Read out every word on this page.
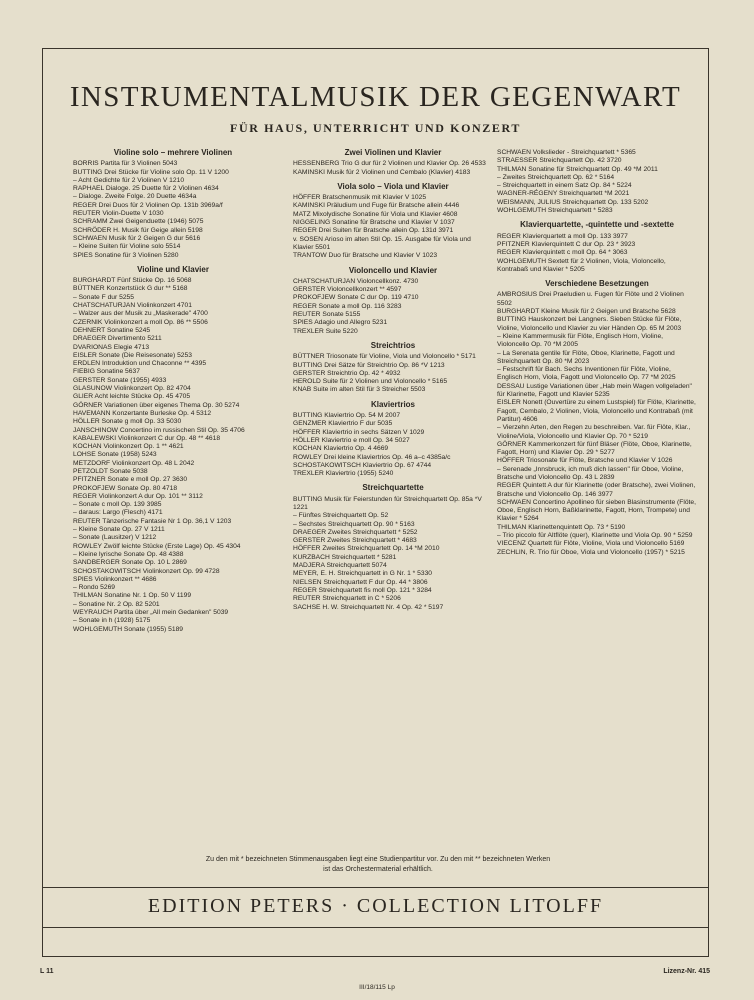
INSTRUMENTALMUSIK DER GEGENWART
FÜR HAUS, UNTERRICHT UND KONZERT
Violine solo – mehrere Violinen
BORRIS Partita für 3 Violinen 5043
BUTTING Drei Stücke für Violine solo Op. 11 V 1200
– Acht Gedichte für 2 Violinen V 1210
RAPHAEL Dialoge. 25 Duette für 2 Violinen 4634
– Dialoge. Zweite Folge. 20 Duette 4634a
REGER Drei Duos für 2 Violinen Op. 131b 3969a/f
REUTER Violin-Duette V 1030
SCHRAMM Zwei Geigenduette (1946) 5075
SCHRÖDER H. Musik für Geige allein 5198
SCHWAEN Musik für 2 Geigen G dur 5616
– Kleine Suiten für Violine solo 5514
SPIES Sonatine für 3 Violinen 5280
Violine und Klavier
BURGHARDT Fünf Stücke Op. 16 5068
BÜTTNER Konzertstück G dur ** 5168
– Sonate F dur 5255
CHATSCHATURJAN Violinkonzert 4701
– Walzer aus der Musik zu „Maskerade" 4700
CZERNIK Violinkonzert a moll Op. 86 ** 5506
DEHNERT Sonatine 5245
DRAEGER Divertimento 5211
DVARIONAS Elegie 4713
EISLER Sonate (Die Reisesonate) 5253
ERDLEN Introduktion und Chaconne ** 4395
FIEBIG Sonatine 5637
GERSTER Sonate (1955) 4933
GLASUNOW Violinkonzert Op. 82 4704
GLIER Acht leichte Stücke Op. 45 4705
GÖRNER Variationen über eigenes Thema Op. 30 5274
HAVEMANN Konzertante Burleske Op. 4 5312
HÖLLER Sonate g moll Op. 33 5030
JANSCHINOW Concertino im russischen Stil Op. 35 4706
KABALEWSKI Violinkonzert C dur Op. 48 ** 4618
KOCHAN Violinkonzert Op. 1 ** 4621
LOHSE Sonate (1958) 5243
METZDORF Violinkonzert Op. 48 L 2042
PETZOLDT Sonate 5038
PFITZNER Sonate e moll Op. 27 3630
PROKOFJEW Sonate Op. 80 4718
REGER Violinkonzert A dur Op. 101 ** 3112
– Sonate c moll Op. 139 3985
– daraus: Largo (Flesch) 4171
REUTER Tänzerische Fantasie Nr 1 Op. 36,1 V 1203
– Kleine Sonate Op. 27 V 1211
– Sonate (Lausitzer) V 1212
ROWLEY Zwölf leichte Stücke (Erste Lage) Op. 45 4304
– Kleine lyrische Sonate Op. 48 4388
SANDBERGER Sonate Op. 10 L 2869
SCHOSTAKOWITSCH Violinkonzert Op. 99 4728
SPIES Violinkonzert ** 4686
– Rondo 5269
THILMAN Sonatine Nr. 1 Op. 50 V 1199
– Sonatine Nr. 2 Op. 82 5201
WEYRAUCH Partita über „All mein Gedanken" 5039
– Sonate in h (1928) 5175
WOHLGEMUTH Sonate (1955) 5189
Zwei Violinen und Klavier
HESSENBERG Trio G dur für 2 Violinen und Klavier Op. 26 4533
KAMINSKI Musik für 2 Violinen und Cembalo (Klavier) 4183
Viola solo – Viola und Klavier
HÖFFER Bratschenmusik mit Klavier V 1025
KAMINSKI Präludium und Fuge für Bratsche allein 4446
MATZ Mixolydische Sonatine für Viola und Klavier 4608
NIGGELING Sonatine für Bratsche und Klavier V 1037
REGER Drei Suiten für Bratsche allein Op. 131d 3971
v. SOSEN Arioso im alten Stil Op. 15. Ausgabe für Viola und Klavier 5501
TRANTOW Duo für Bratsche und Klavier V 1023
Violoncello und Klavier
CHATSCHATURJAN Violoncellkonz. 4730
GERSTER Violoncellkonzert ** 4597
PROKOFJEW Sonate C dur Op. 119 4710
REGER Sonate a moll Op. 116 3283
REUTER Sonate 5155
SPIES Adagio und Allegro 5231
TREXLER Suite 5220
Streichtrios
BÜTTNER Triosonate für Violine, Viola und Violoncello * 5171
BUTTING Drei Sätze für Streichtrio Op. 86 *V 1213
GERSTER Streichtrio Op. 42 * 4932
HEROLD Suite für 2 Violinen und Violoncello * 5165
KNAB Suite im alten Stil für 3 Streicher 5503
Klaviertrios
BUTTING Klaviertrio Op. 54 M 2007
GENZMER Klaviertrio F dur 5035
HÖFFER Klaviertrio in sechs Sätzen V 1029
HÖLLER Klaviertrio e moll Op. 34 5027
KOCHAN Klaviertrio Op. 4 4669
ROWLEY Drei kleine Klaviertrios Op. 46 a–c 4385a/c
SCHOSTAKOWITSCH Klaviertrio Op. 67 4744
TREXLER Klaviertrio (1955) 5240
Streichquartette
BUTTING Musik für Feierstunden für Streichquartett Op. 85a *V 1221
– Fünftes Streichquartett Op. 52
– Sechstes Streichquartett Op. 90 * 5163
DRAEGER Zweites Streichquartett * 5252
GERSTER Zweites Streichquartett * 4683
HÖFFER Zweites Streichquartett Op. 14 *M 2010
KURZBACH Streichquartett * 5281
MADJERA Streichquartett 5074
MEYER, E. H. Streichquartett in G Nr. 1 * 5330
NIELSEN Streichquartett F dur Op. 44 * 3806
REGER Streichquartett fis moll Op. 121 * 3284
REUTER Streichquartett in C * 5206
SACHSE H. W. Streichquartett Nr. 4 Op. 42 * 5197
SCHWAEN Volkslieder - Streichquartett * 5365
STRAESSER Streichquartett Op. 42 3720
THILMAN Sonatine für Streichquartett Op. 49 *M 2011
– Zweites Streichquartett Op. 62 * 5164
– Streichquartett in einem Satz Op. 84 * 5224
WAGNER-RÉGENY Streichquartett *M 2021
WEISMANN, JULIUS Streichquartett Op. 133 5202
WOHLGEMUTH Streichquartett * 5283
Klavierquartette, -quintette und -sextette
REGER Klavierquartett a moll Op. 133 3977
PFITZNER Klavierquintett C dur Op. 23 * 3923
REGER Klavierquintett c moll Op. 64 * 3063
WOHLGEMUTH Sextett für 2 Violinen, Viola, Violoncello, Kontrabaß und Klavier * 5205
Verschiedene Besetzungen
AMBROSIUS Drei Praeludien u. Fugen für Flöte und 2 Violinen 5502
BURGHARDT Kleine Musik für 2 Geigen und Bratsche 5628
BUTTING Hauskonzert bei Langners. Sieben Stücke für Flöte, Violine, Violoncello und Klavier zu vier Händen Op. 65 M 2003
– Kleine Kammermusik für Flöte, Englisch Horn, Violine, Violoncello Op. 70 *M 2005
– La Serenata gentile für Flöte, Oboe, Klarinette, Fagott und Streichquartett Op. 80 *M 2023
– Festschrift für Bach. Sechs Inventionen für Flöte, Violine, Englisch Horn, Viola, Fagott und Violoncello Op. 77 *M 2025
DESSAU Lustige Variationen über „Hab mein Wagen vollgeladen" für Klarinette, Fagott und Klavier 5235
EISLER Nonett (Ouvertüre zu einem Lustspiel) für Flöte, Klarinette, Fagott, Cembalo, 2 Violinen, Viola, Violoncello und Kontrabaß (mit Partitur) 4606
– Vierzehn Arten, den Regen zu beschreiben. Var. für Flöte, Klar., Violine/Viola, Violoncello und Klavier Op. 70 * 5219
GÖRNER Kammerkonzert für fünf Bläser (Flöte, Oboe, Klarinette, Fagott, Horn) und Klavier Op. 29 * 5277
HÖFFER Triosonate für Flöte, Bratsche und Klavier V 1026
– Serenade „Innsbruck, ich muß dich lassen" für Oboe, Violine, Bratsche und Violoncello Op. 43 L 2839
REGER Quintett A dur für Klarinette (oder Bratsche), zwei Violinen, Bratsche und Violoncello Op. 146 3977
SCHWAEN Concertino Apollineo für sieben Blasinstrumente (Flöte, Oboe, Englisch Horn, Baßklarinette, Fagott, Horn, Trompete) und Klavier * 5264
THILMAN Klarinettenquintett Op. 73 * 5190
– Trio piccolo für Altflöte (quer), Klarinette und Viola Op. 90 * 5259
VIECENZ Quartett für Flöte, Violine, Viola und Violoncello 5169
ZECHLIN, R. Trio für Oboe, Viola und Violoncello (1957) * 5215
Zu den mit * bezeichneten Stimmenausgaben liegt eine Studienpartitur vor. Zu den mit ** bezeichneten Werken
ist das Orchestermaterial erhältlich.
EDITION PETERS · COLLECTION LITOLFF
L 11	Lizenz-Nr. 415
III/18/115 Lp
